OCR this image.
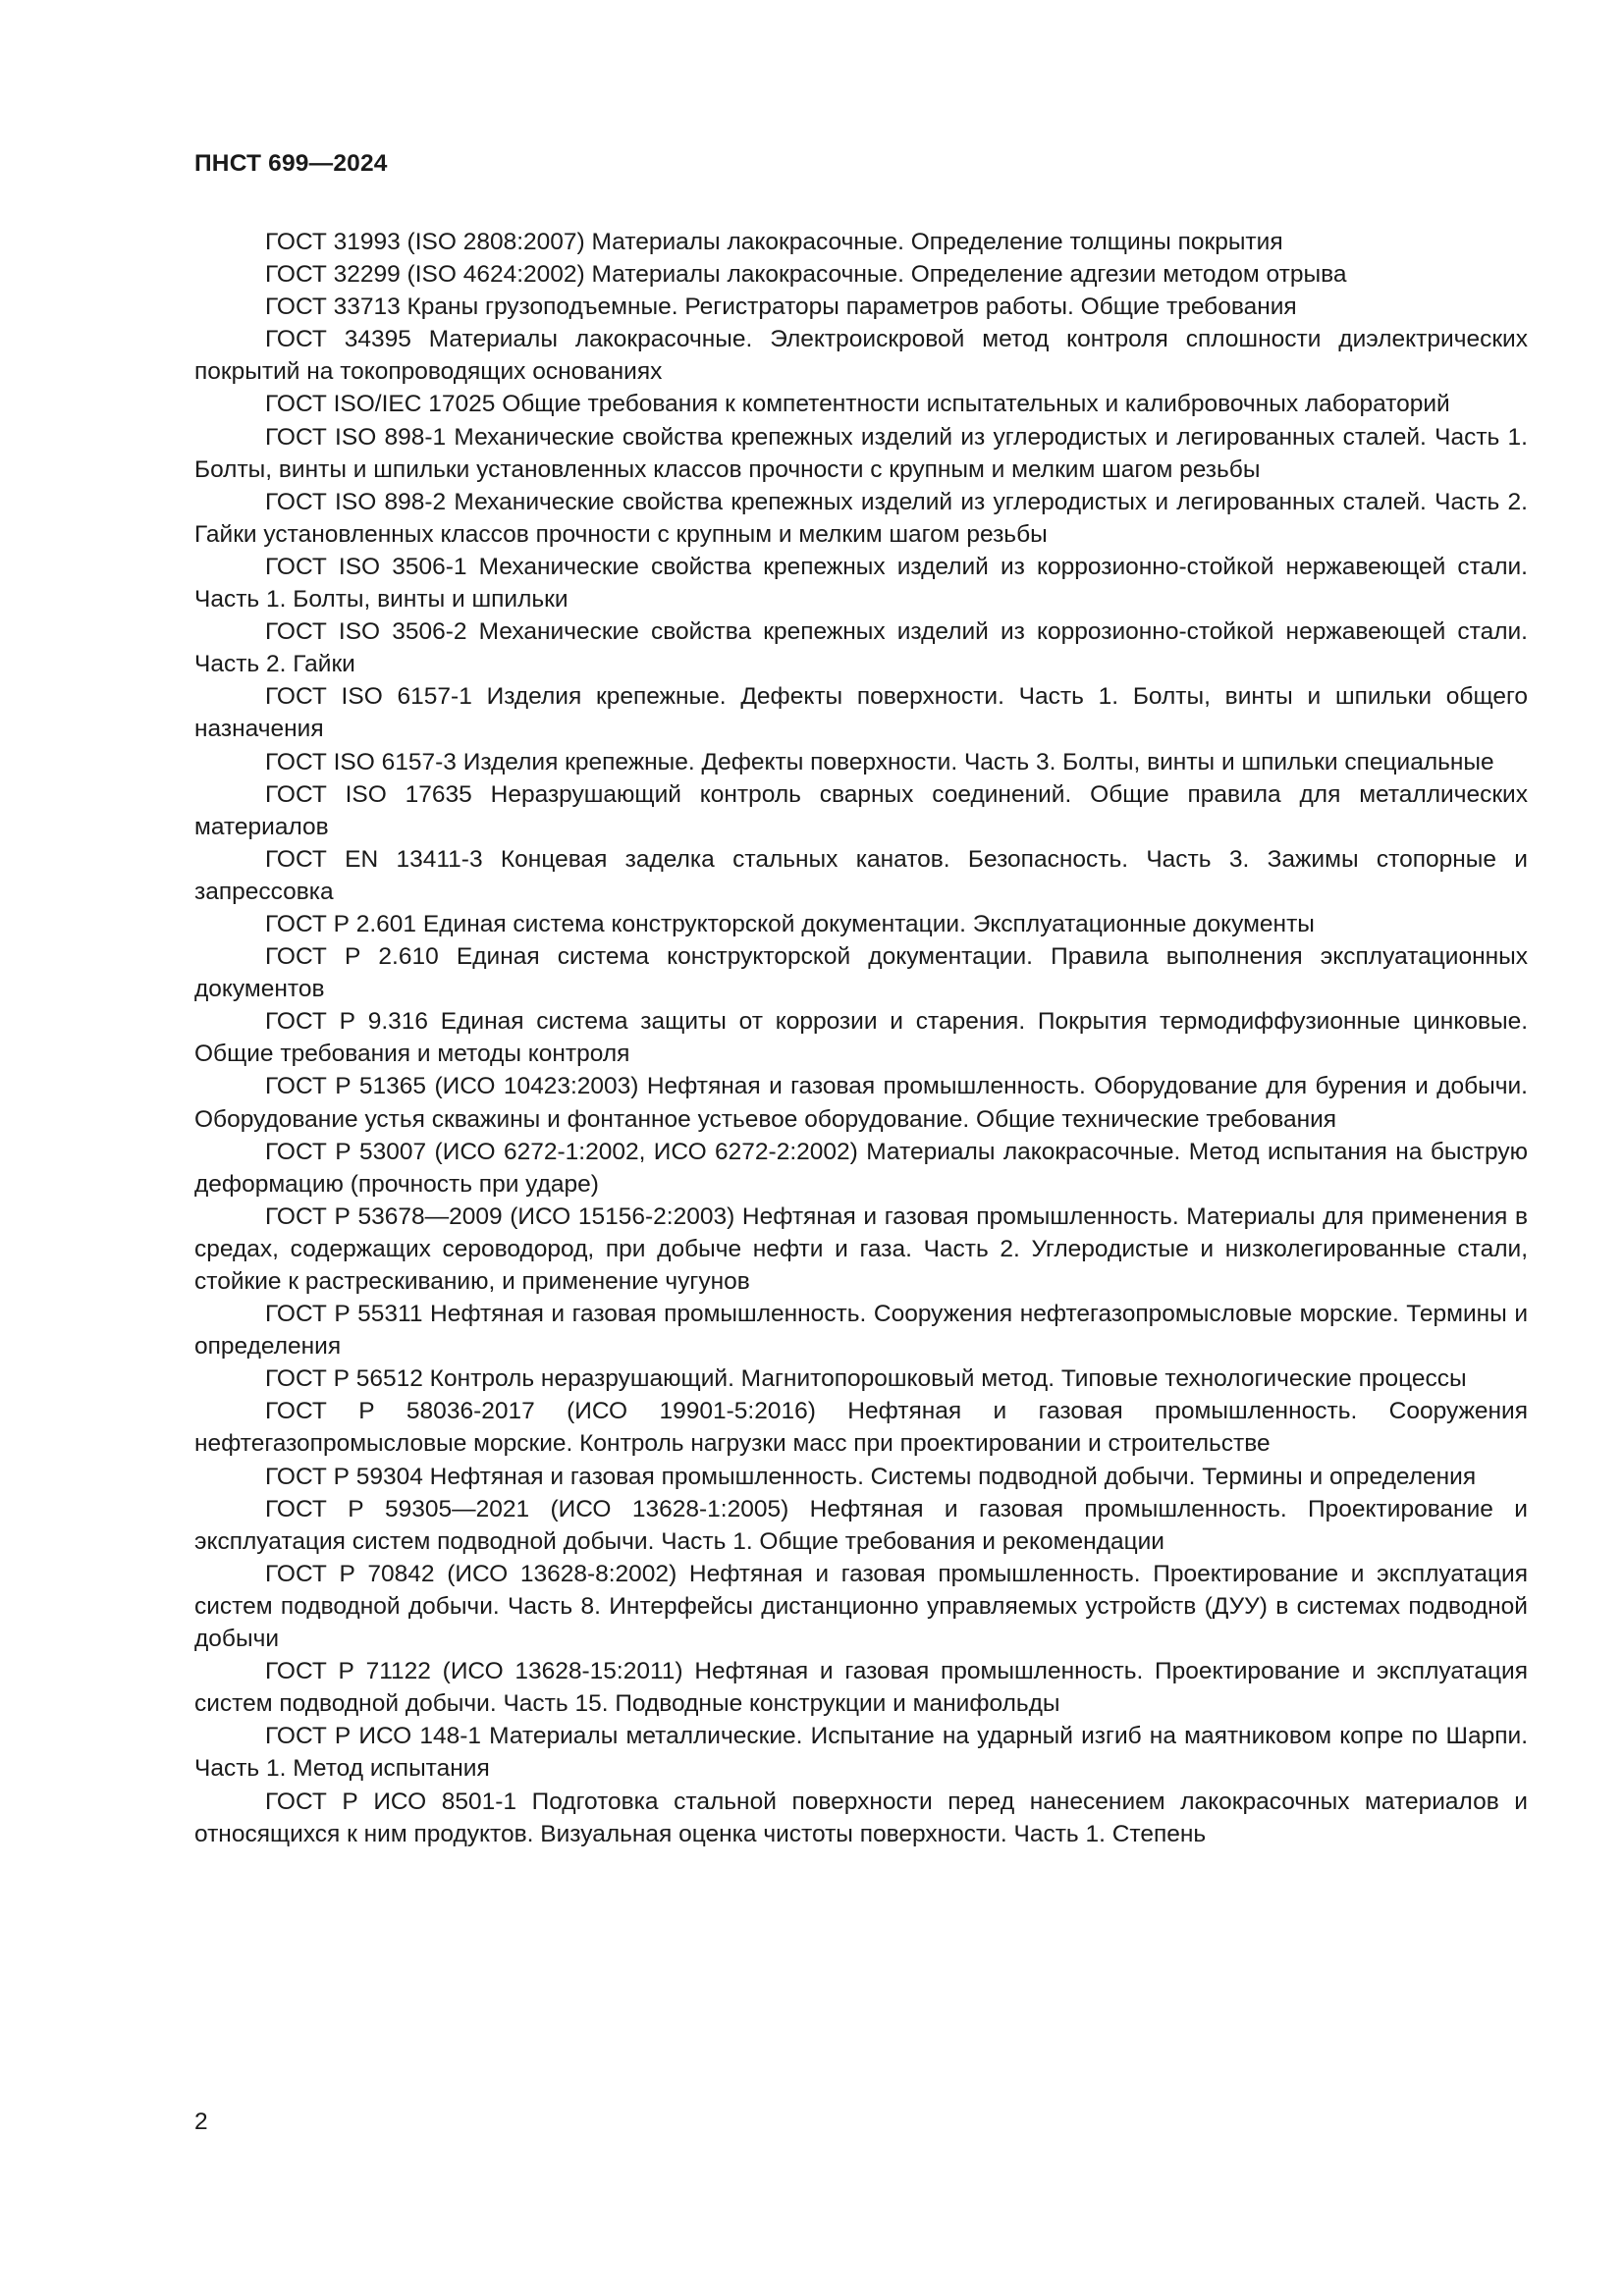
ПНСТ 699—2024

ГОСТ 31993 (ISO 2808:2007) Материалы лакокрасочные. Определение толщины покрытия
ГОСТ 32299 (ISO 4624:2002) Материалы лакокрасочные. Определение адгезии методом отрыва
ГОСТ 33713 Краны грузоподъемные. Регистраторы параметров работы. Общие требования
ГОСТ 34395 Материалы лакокрасочные. Электроискровой метод контроля сплошности диэлектрических покрытий на токопроводящих основаниях
ГОСТ ISO/IEC 17025 Общие требования к компетентности испытательных и калибровочных лабораторий
ГОСТ ISO 898-1 Механические свойства крепежных изделий из углеродистых и легированных сталей. Часть 1. Болты, винты и шпильки установленных классов прочности с крупным и мелким шагом резьбы
ГОСТ ISO 898-2 Механические свойства крепежных изделий из углеродистых и легированных сталей. Часть 2. Гайки установленных классов прочности с крупным и мелким шагом резьбы
ГОСТ ISO 3506-1 Механические свойства крепежных изделий из коррозионно-стойкой нержавеющей стали. Часть 1. Болты, винты и шпильки
ГОСТ ISO 3506-2 Механические свойства крепежных изделий из коррозионно-стойкой нержавеющей стали. Часть 2. Гайки
ГОСТ ISO 6157-1 Изделия крепежные. Дефекты поверхности. Часть 1. Болты, винты и шпильки общего назначения
ГОСТ ISO 6157-3 Изделия крепежные. Дефекты поверхности. Часть 3. Болты, винты и шпильки специальные
ГОСТ ISO 17635 Неразрушающий контроль сварных соединений. Общие правила для металлических материалов
ГОСТ EN 13411-3 Концевая заделка стальных канатов. Безопасность. Часть 3. Зажимы стопорные и запрессовка
ГОСТ Р 2.601 Единая система конструкторской документации. Эксплуатационные документы
ГОСТ Р 2.610 Единая система конструкторской документации. Правила выполнения эксплуатационных документов
ГОСТ Р 9.316 Единая система защиты от коррозии и старения. Покрытия термодиффузионные цинковые. Общие требования и методы контроля
ГОСТ Р 51365 (ИСО 10423:2003) Нефтяная и газовая промышленность. Оборудование для бурения и добычи. Оборудование устья скважины и фонтанное устьевое оборудование. Общие технические требования
ГОСТ Р 53007 (ИСО 6272-1:2002, ИСО 6272-2:2002) Материалы лакокрасочные. Метод испытания на быструю деформацию (прочность при ударе)
ГОСТ Р 53678—2009 (ИСО 15156-2:2003) Нефтяная и газовая промышленность. Материалы для применения в средах, содержащих сероводород, при добыче нефти и газа. Часть 2. Углеродистые и низколегированные стали, стойкие к растрескиванию, и применение чугунов
ГОСТ Р 55311 Нефтяная и газовая промышленность. Сооружения нефтегазопромысловые морские. Термины и определения
ГОСТ Р 56512 Контроль неразрушающий. Магнитопорошковый метод. Типовые технологические процессы
ГОСТ Р 58036-2017 (ИСО 19901-5:2016) Нефтяная и газовая промышленность. Сооружения нефтегазопромысловые морские. Контроль нагрузки масс при проектировании и строительстве
ГОСТ Р 59304 Нефтяная и газовая промышленность. Системы подводной добычи. Термины и определения
ГОСТ Р 59305—2021 (ИСО 13628-1:2005) Нефтяная и газовая промышленность. Проектирование и эксплуатация систем подводной добычи. Часть 1. Общие требования и рекомендации
ГОСТ Р 70842 (ИСО 13628-8:2002) Нефтяная и газовая промышленность. Проектирование и эксплуатация систем подводной добычи. Часть 8. Интерфейсы дистанционно управляемых устройств (ДУУ) в системах подводной добычи
ГОСТ Р 71122 (ИСО 13628-15:2011) Нефтяная и газовая промышленность. Проектирование и эксплуатация систем подводной добычи. Часть 15. Подводные конструкции и манифольды
ГОСТ Р ИСО 148-1 Материалы металлические. Испытание на ударный изгиб на маятниковом копре по Шарпи. Часть 1. Метод испытания
ГОСТ Р ИСО 8501-1 Подготовка стальной поверхности перед нанесением лакокрасочных материалов и относящихся к ним продуктов. Визуальная оценка чистоты поверхности. Часть 1. Степень

2
